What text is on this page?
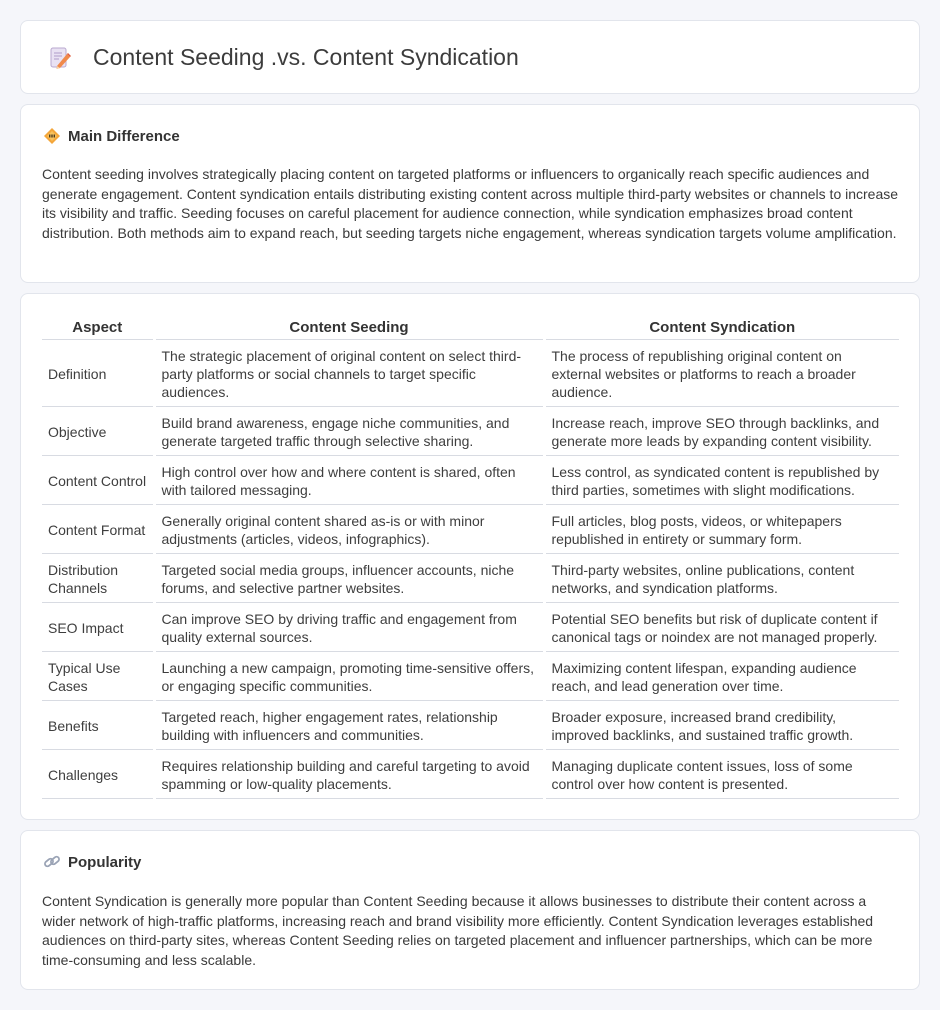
Content Seeding .vs. Content Syndication
Main Difference

Content seeding involves strategically placing content on targeted platforms or influencers to organically reach specific audiences and generate engagement. Content syndication entails distributing existing content across multiple third-party websites or channels to increase its visibility and traffic. Seeding focuses on careful placement for audience connection, while syndication emphasizes broad content distribution. Both methods aim to expand reach, but seeding targets niche engagement, whereas syndication targets volume amplification.

Aspect	Content Seeding	Content Syndication
Definition	The strategic placement of original content on select third-party platforms or social channels to target specific audiences.	The process of republishing original content on external websites or platforms to reach a broader audience.
Objective	Build brand awareness, engage niche communities, and generate targeted traffic through selective sharing.	Increase reach, improve SEO through backlinks, and generate more leads by expanding content visibility.
Content Control	High control over how and where content is shared, often with tailored messaging.	Less control, as syndicated content is republished by third parties, sometimes with slight modifications.
Content Format	Generally original content shared as-is or with minor adjustments (articles, videos, infographics).	Full articles, blog posts, videos, or whitepapers republished in entirety or summary form.
Distribution Channels	Targeted social media groups, influencer accounts, niche forums, and selective partner websites.	Third-party websites, online publications, content networks, and syndication platforms.
SEO Impact	Can improve SEO by driving traffic and engagement from quality external sources.	Potential SEO benefits but risk of duplicate content if canonical tags or noindex are not managed properly.
Typical Use Cases	Launching a new campaign, promoting time-sensitive offers, or engaging specific communities.	Maximizing content lifespan, expanding audience reach, and lead generation over time.
Benefits	Targeted reach, higher engagement rates, relationship building with influencers and communities.	Broader exposure, increased brand credibility, improved backlinks, and sustained traffic growth.
Challenges	Requires relationship building and careful targeting to avoid spamming or low-quality placements.	Managing duplicate content issues, loss of some control over how content is presented.
Popularity

Content Syndication is generally more popular than Content Seeding because it allows businesses to distribute their content across a wider network of high-traffic platforms, increasing reach and brand visibility more efficiently. Content Syndication leverages established audiences on third-party sites, whereas Content Seeding relies on targeted placement and influencer partnerships, which can be more time-consuming and less scalable.
